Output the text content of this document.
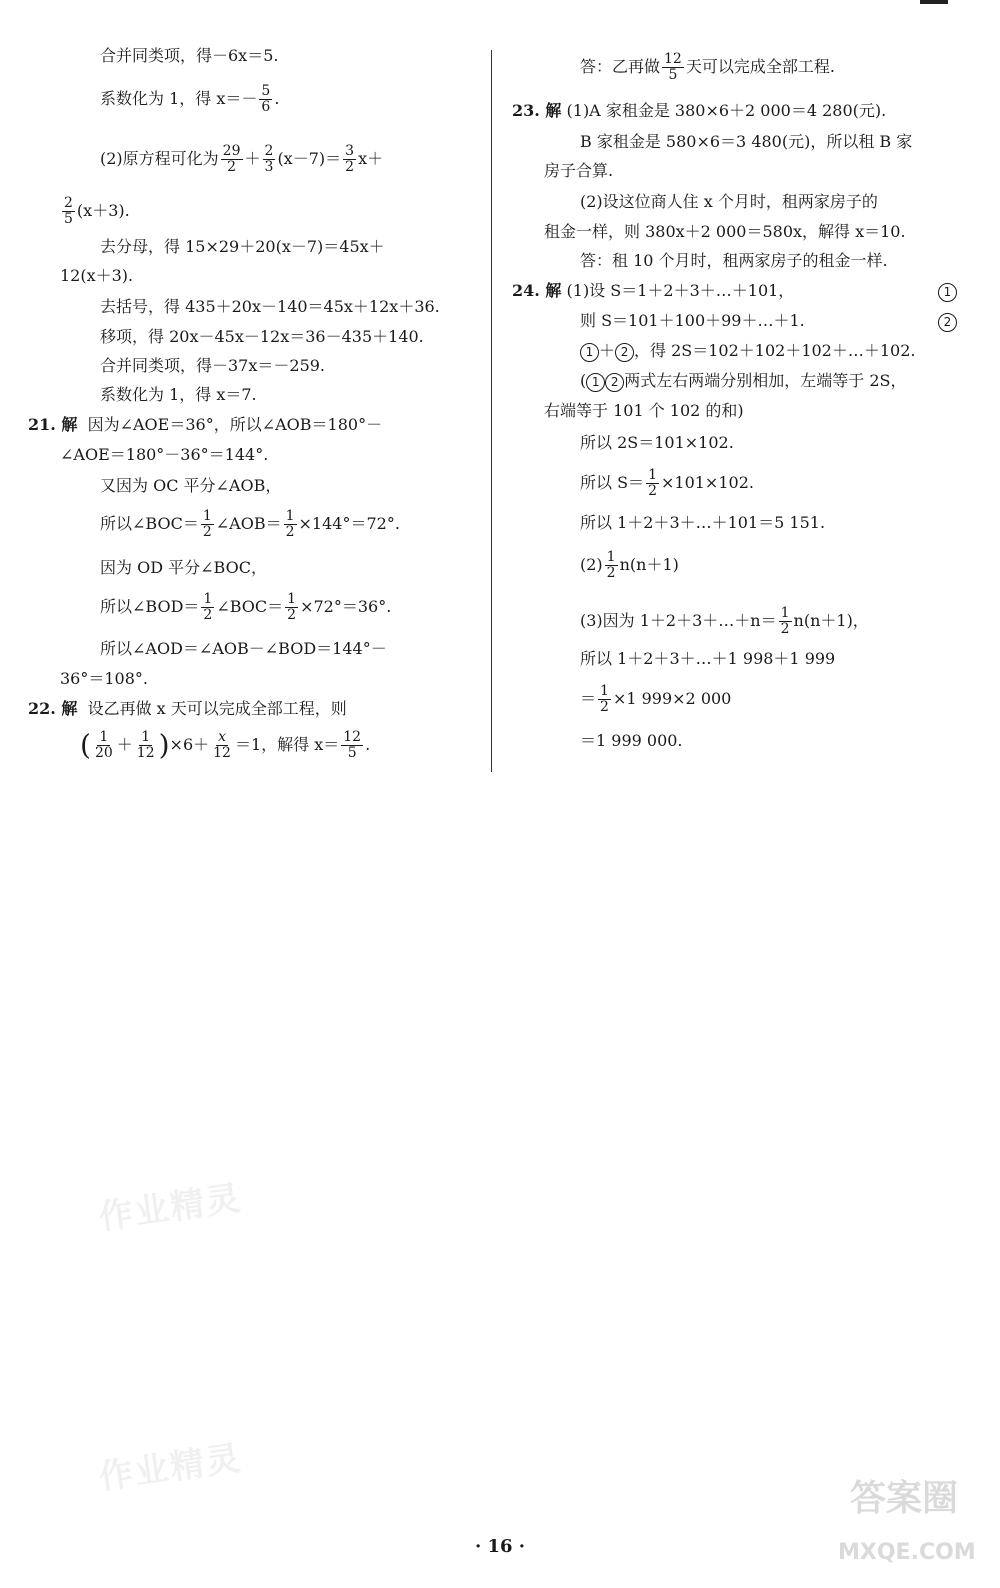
合并同类项，得－6x＝5.
系数化为 1，得 $x=- \frac{5}{6}$ .
(2)原方程可化为 $\frac{29}{2} + \frac{2}{3} (x-7)= \frac{3}{2} x+$
$\frac{2}{5} (x+3)$.
去分母，得 15×29＋20(x－7)＝45x＋
12(x＋3).
去括号，得 435＋20x－140＝45x＋12x＋36.
移项，得 20x－45x－12x＝36－435＋140.
合并同类项，得－37x＝－259.
系数化为 1，得 x＝7.
21. 解 因为∠AOE＝36°，所以∠AOB＝180°－
∠AOE＝180°－36°＝144°.
又因为 OC 平分∠AOB，
所以∠BOC＝ $\frac{1}{2}$ ∠AOB＝ $\frac{1}{2} \times 144^\circ=72^\circ$.
因为 OD 平分∠BOC，
所以∠BOD＝ $\frac{1}{2}$ ∠BOC＝ $\frac{1}{2} \times 72^\circ=36^\circ$.
所以∠AOD＝∠AOB－∠BOD＝144°－
36°＝108°.
22. 解 设乙再做 x 天可以完成全部工程，则
( $\frac{1}{20} + \frac{1}{12} )\times 6+ \frac{x}{12} =1$，解得 $x= \frac{12}{5}$ .
答：乙再做 $\frac{12}{5}$ 天可以完成全部工程.
23. 解 (1)A 家租金是 380×6＋2 000＝4 280(元).
B 家租金是 580×6＝3 480(元)，所以租 B 家
房子合算.
(2)设这位商人住 x 个月时，租两家房子的
租金一样，则 380x＋2 000＝580x，解得 x＝10.
答：租 10 个月时，租两家房子的租金一样.
24. 解 (1)设 S＝1＋2＋3＋…＋101，	1
则 S＝101＋100＋99＋…＋1.	2
1 ＋ 2 ，得 2S＝102＋102＋102＋…＋102.
( 1 2 两式左右两端分别相加，左端等于 2S，
右端等于 101 个 102 的和)
所以 2S＝101×102.
所以 $S= \frac{1}{2} \times 101\times 102$.
所以 1＋2＋3＋…＋101＝5 151.
$(2) \frac{1}{2} n(n+1)$
(3)因为 1＋2＋3＋…＋n＝ $\frac{1}{2} n(n+1)$，
所以 1＋2＋3＋…＋1 998＋1 999
＝ $\frac{1}{2} \times 1$ 999×2 000
＝1 999 000.
作业精灵
作业精灵
答案圈
MXQE.COM
· 16 ·
